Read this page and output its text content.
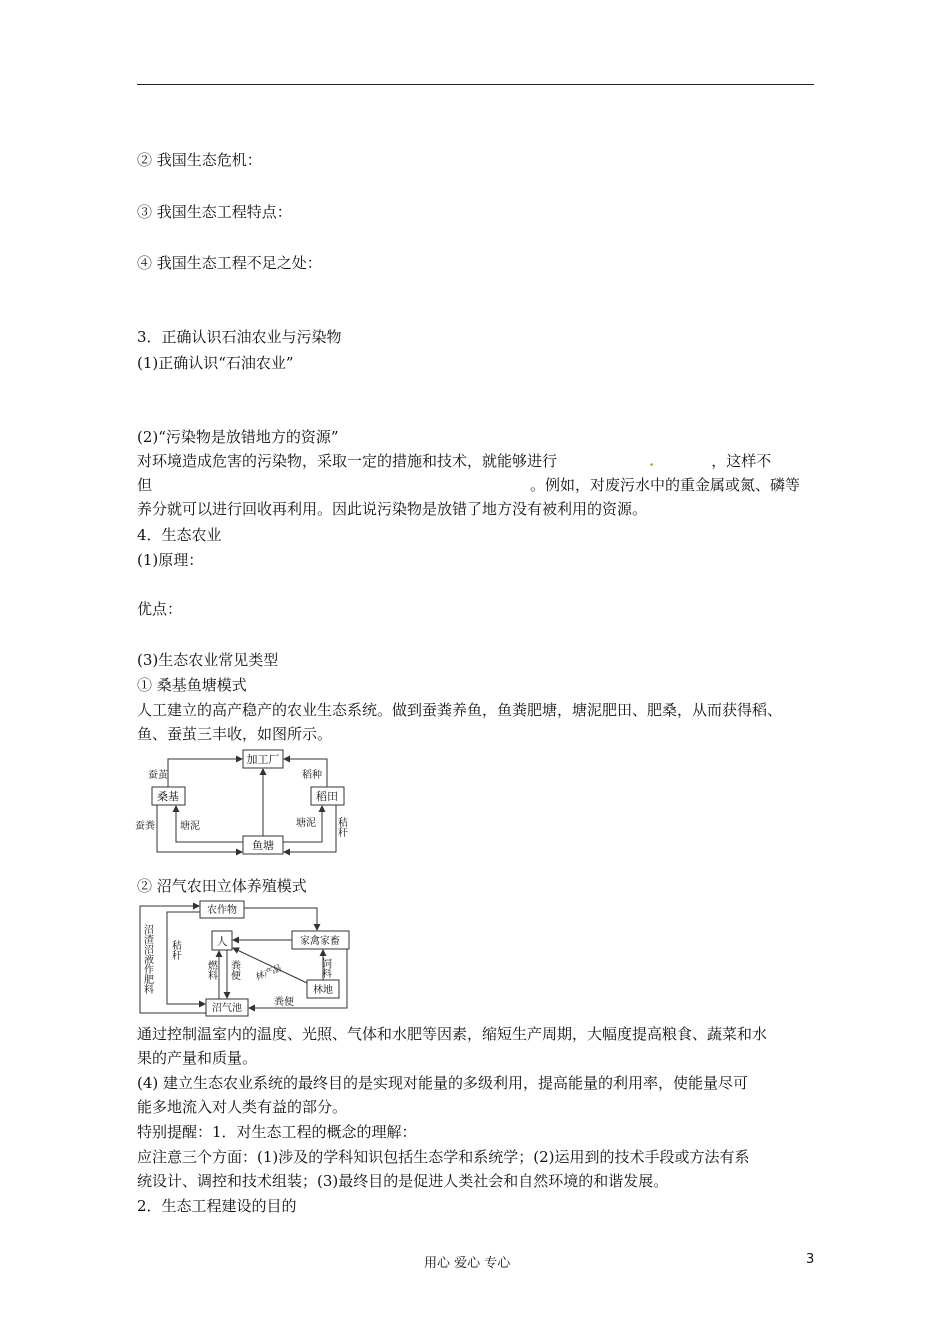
② 我国生态危机：
③ 我国生态工程特点：
④ 我国生态工程不足之处：
3．正确认识石油农业与污染物
(1)正确认识“石油农业”
(2)“污染物是放错地方的资源”
对环境造成危害的污染物，采取一定的措施和技术，就能够进行	.	，这样不
但	。例如，对废污水中的重金属或氮、磷等
养分就可以进行回收再利用。因此说污染物是放错了地方没有被利用的资源。
4．生态农业
(1)原理：
优点：
(3)生态农业常见类型
① 桑基鱼塘模式
人工建立的高产稳产的农业生态系统。做到蚕粪养鱼，鱼粪肥塘，塘泥肥田、肥桑，从而获得稻、
鱼、蚕茧三丰收，如图所示。
加工厂
桑基	稻田
鱼塘
蚕茧	稻种
蚕粪	塘泥	塘泥 秸秆
② 沼气农田立体养殖模式
农作物
人	家禽家畜
林地
沼气池
沼渣沼液作肥料 秸秆
燃料 粪便 林产品	饲料
粪便
通过控制温室内的温度、光照、气体和水肥等因素，缩短生产周期，大幅度提高粮食、蔬菜和水
果的产量和质量。
(4) 建立生态农业系统的最终目的是实现对能量的多级利用，提高能量的利用率，使能量尽可
能多地流入对人类有益的部分。
特别提醒：1．对生态工程的概念的理解：
应注意三个方面：(1)涉及的学科知识包括生态学和系统学；(2)运用到的技术手段或方法有系
统设计、调控和技术组装；(3)最终目的是促进人类社会和自然环境的和谐发展。
2．生态工程建设的目的
用心 爱心 专心	3
